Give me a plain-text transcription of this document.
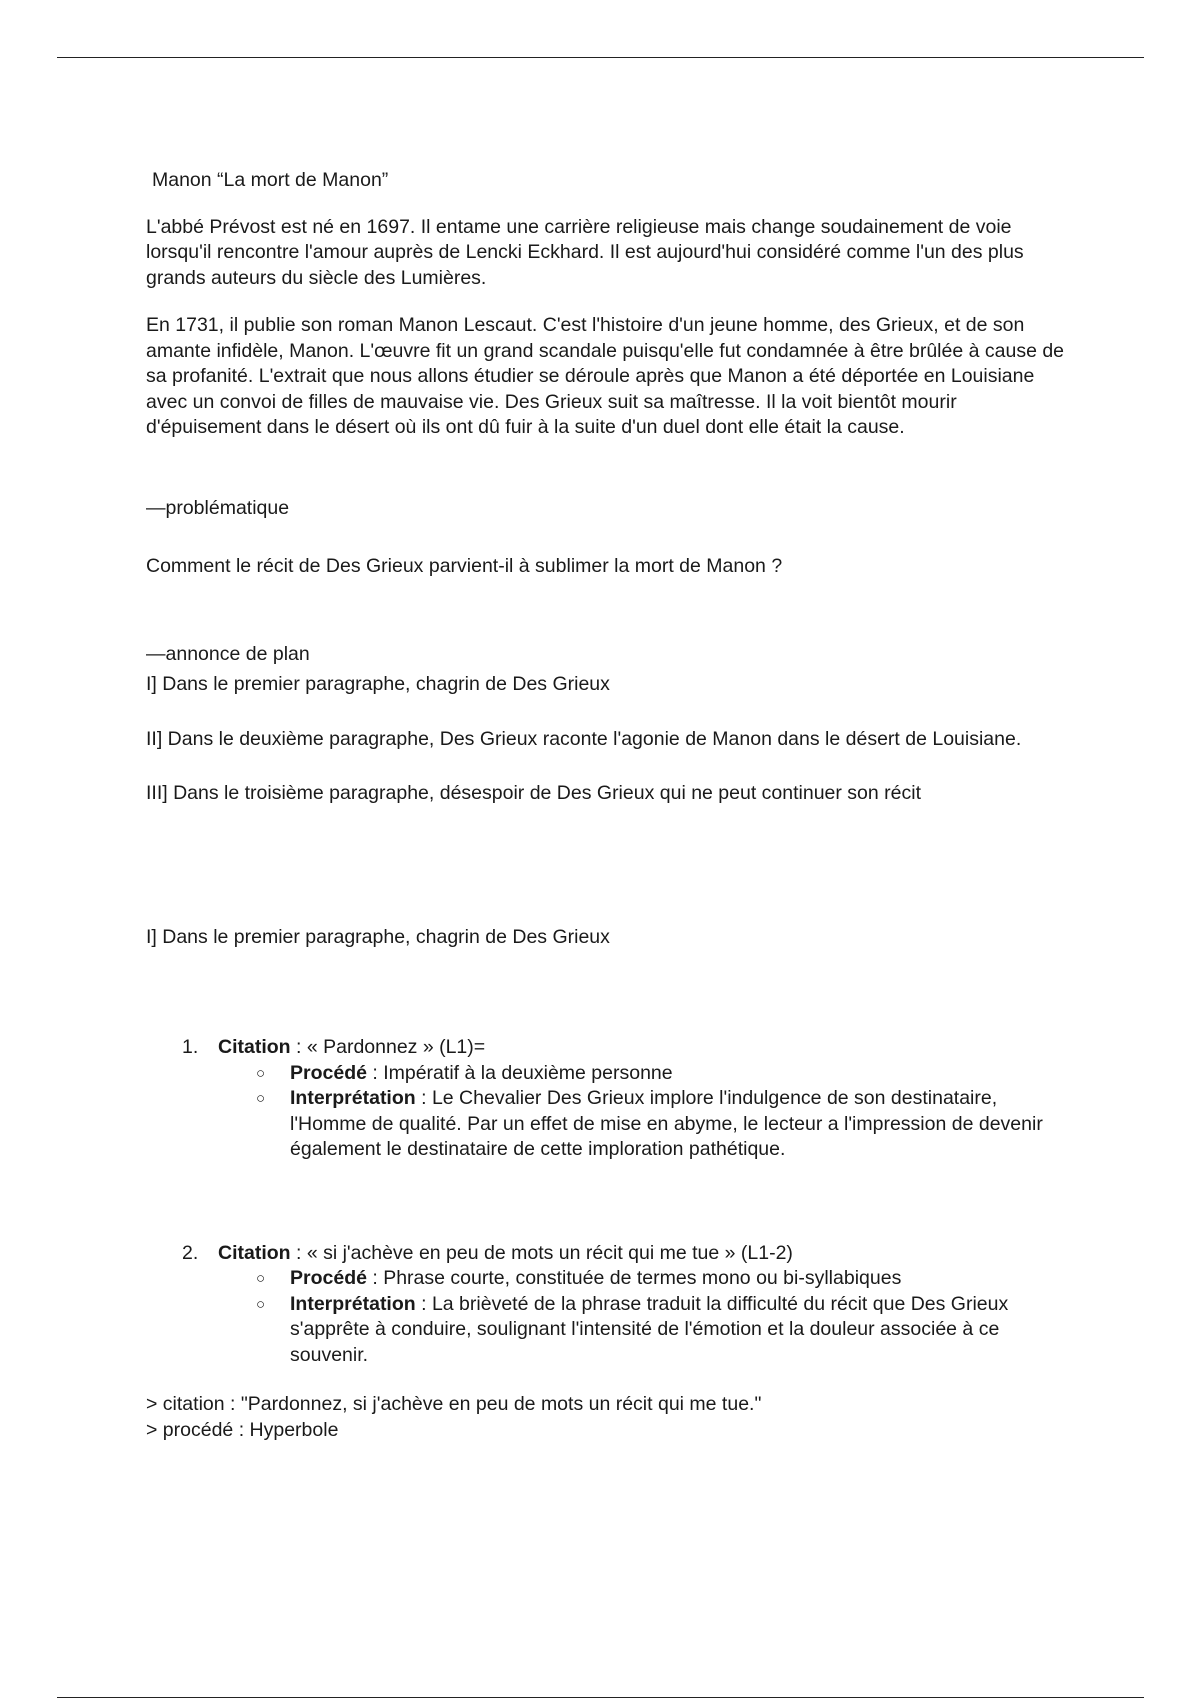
Manon “La mort de Manon”

L'abbé Prévost est né en 1697. Il entame une carrière religieuse mais change soudainement de voie lorsqu'il rencontre l'amour auprès de Lencki Eckhard. Il est aujourd'hui considéré comme l'un des plus grands auteurs du siècle des Lumières.

En 1731, il publie son roman Manon Lescaut. C'est l'histoire d'un jeune homme, des Grieux, et de son amante infidèle, Manon. L'œuvre fit un grand scandale puisqu'elle fut condamnée à être brûlée à cause de sa profanité. L'extrait que nous allons étudier se déroule après que Manon a été déportée en Louisiane avec un convoi de filles de mauvaise vie. Des Grieux suit sa maîtresse. Il la voit bientôt mourir d'épuisement dans le désert où ils ont dû fuir à la suite d'un duel dont elle était la cause.

—problématique

Comment le récit de Des Grieux parvient-il à sublimer la mort de Manon ?

—annonce de plan

I] Dans le premier paragraphe, chagrin de Des Grieux

II] Dans le deuxième paragraphe, Des Grieux raconte l'agonie de Manon dans le désert de Louisiane.

III] Dans le troisième paragraphe, désespoir de Des Grieux qui ne peut continuer son récit

I] Dans le premier paragraphe, chagrin de Des Grieux

1. Citation : « Pardonnez » (L1)=
○ Procédé : Impératif à la deuxième personne
○ Interprétation : Le Chevalier Des Grieux implore l'indulgence de son destinataire, l'Homme de qualité. Par un effet de mise en abyme, le lecteur a l'impression de devenir également le destinataire de cette imploration pathétique.
2. Citation : « si j'achève en peu de mots un récit qui me tue » (L1-2)
○ Procédé : Phrase courte, constituée de termes mono ou bi-syllabiques
○ Interprétation : La brièveté de la phrase traduit la difficulté du récit que Des Grieux s'apprête à conduire, soulignant l'intensité de l'émotion et la douleur associée à ce souvenir.

> citation : "Pardonnez, si j'achève en peu de mots un récit qui me tue."

> procédé : Hyperbole
